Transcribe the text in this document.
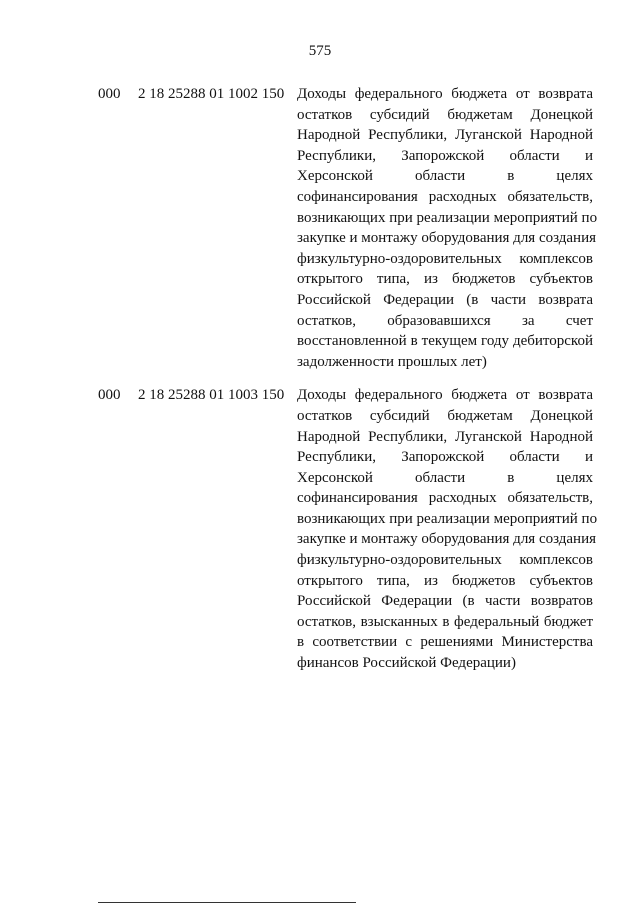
575
000 2 18 25288 01 1002 150 Доходы федерального бюджета от возврата
остатков субсидий бюджетам Донецкой
Народной Республики, Луганской Народной
Республики, Запорожской области и
Херсонской области в целях
софинансирования расходных обязательств,
возникающих при реализации мероприятий по
закупке и монтажу оборудования для создания
физкультурно-оздоровительных комплексов
открытого типа, из бюджетов субъектов
Российской Федерации (в части возврата
остатков, образовавшихся за счет
восстановленной в текущем году дебиторской
задолженности прошлых лет)
000 2 18 25288 01 1003 150 Доходы федерального бюджета от возврата
остатков субсидий бюджетам Донецкой
Народной Республики, Луганской Народной
Республики, Запорожской области и
Херсонской области в целях
софинансирования расходных обязательств,
возникающих при реализации мероприятий по
закупке и монтажу оборудования для создания
физкультурно-оздоровительных комплексов
открытого типа, из бюджетов субъектов
Российской Федерации (в части возвратов
остатков, взысканных в федеральный бюджет
в соответствии с решениями Министерства
финансов Российской Федерации)
